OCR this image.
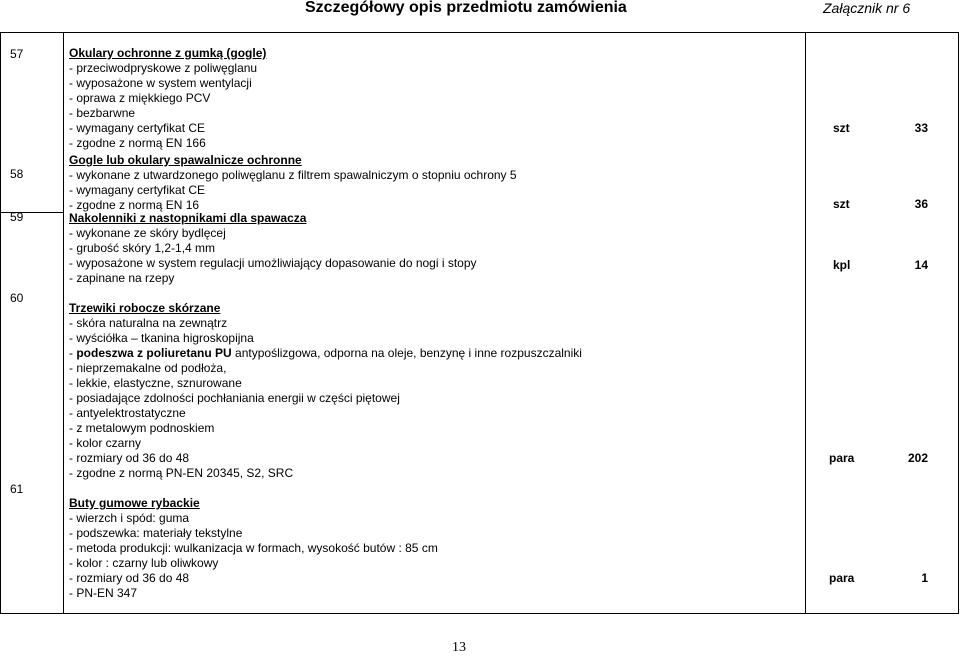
Szczegółowy opis przedmiotu zamówienia	Załącznik nr 6
57	Okulary ochronne z gumką (gogle)
- przeciwodpryskowe z poliwęglanu
- wyposażone w system wentylacji
- oprawa z miękkiego PCV
- bezbarwne
- wymagany certyfikat CE
- zgodne z normą EN 166
szt	33
58
Gogle lub okulary spawalnicze ochronne
- wykonane z utwardzonego poliwęglanu z filtrem spawalniczym o stopniu ochrony 5
- wymagany certyfikat CE
- zgodne z normą EN 16	szt	36
59	Nakolenniki z nastopnikami dla spawacza
- wykonane ze skóry bydlęcej
- grubość skóry 1,2-1,4 mm
- wyposażone w system regulacji umożliwiający dopasowanie do nogi i stopy
- zapinane na rzepy
kpl	14
60
Trzewiki robocze skórzane
- skóra naturalna na zewnątrz
- wyściółka – tkanina higroskopijna
- podeszwa z poliuretanu PU antypoślizgowa, odporna na oleje, benzynę i inne rozpuszczalniki
- nieprzemakalne od podłoża,
- lekkie, elastyczne, sznurowane
- posiadające zdolności pochłaniania energii w części piętowej
- antyelektrostatyczne
- z metalowym podnoskiem
- kolor czarny
- rozmiary od 36 do 48
- zgodne z normą PN-EN 20345, S2, SRC
para	202
61
Buty gumowe rybackie
- wierzch i spód: guma
- podszewka: materiały tekstylne
- metoda produkcji: wulkanizacja w formach, wysokość butów : 85 cm
- kolor : czarny lub oliwkowy
- rozmiary od 36 do 48
- PN-EN 347
para	1
13
